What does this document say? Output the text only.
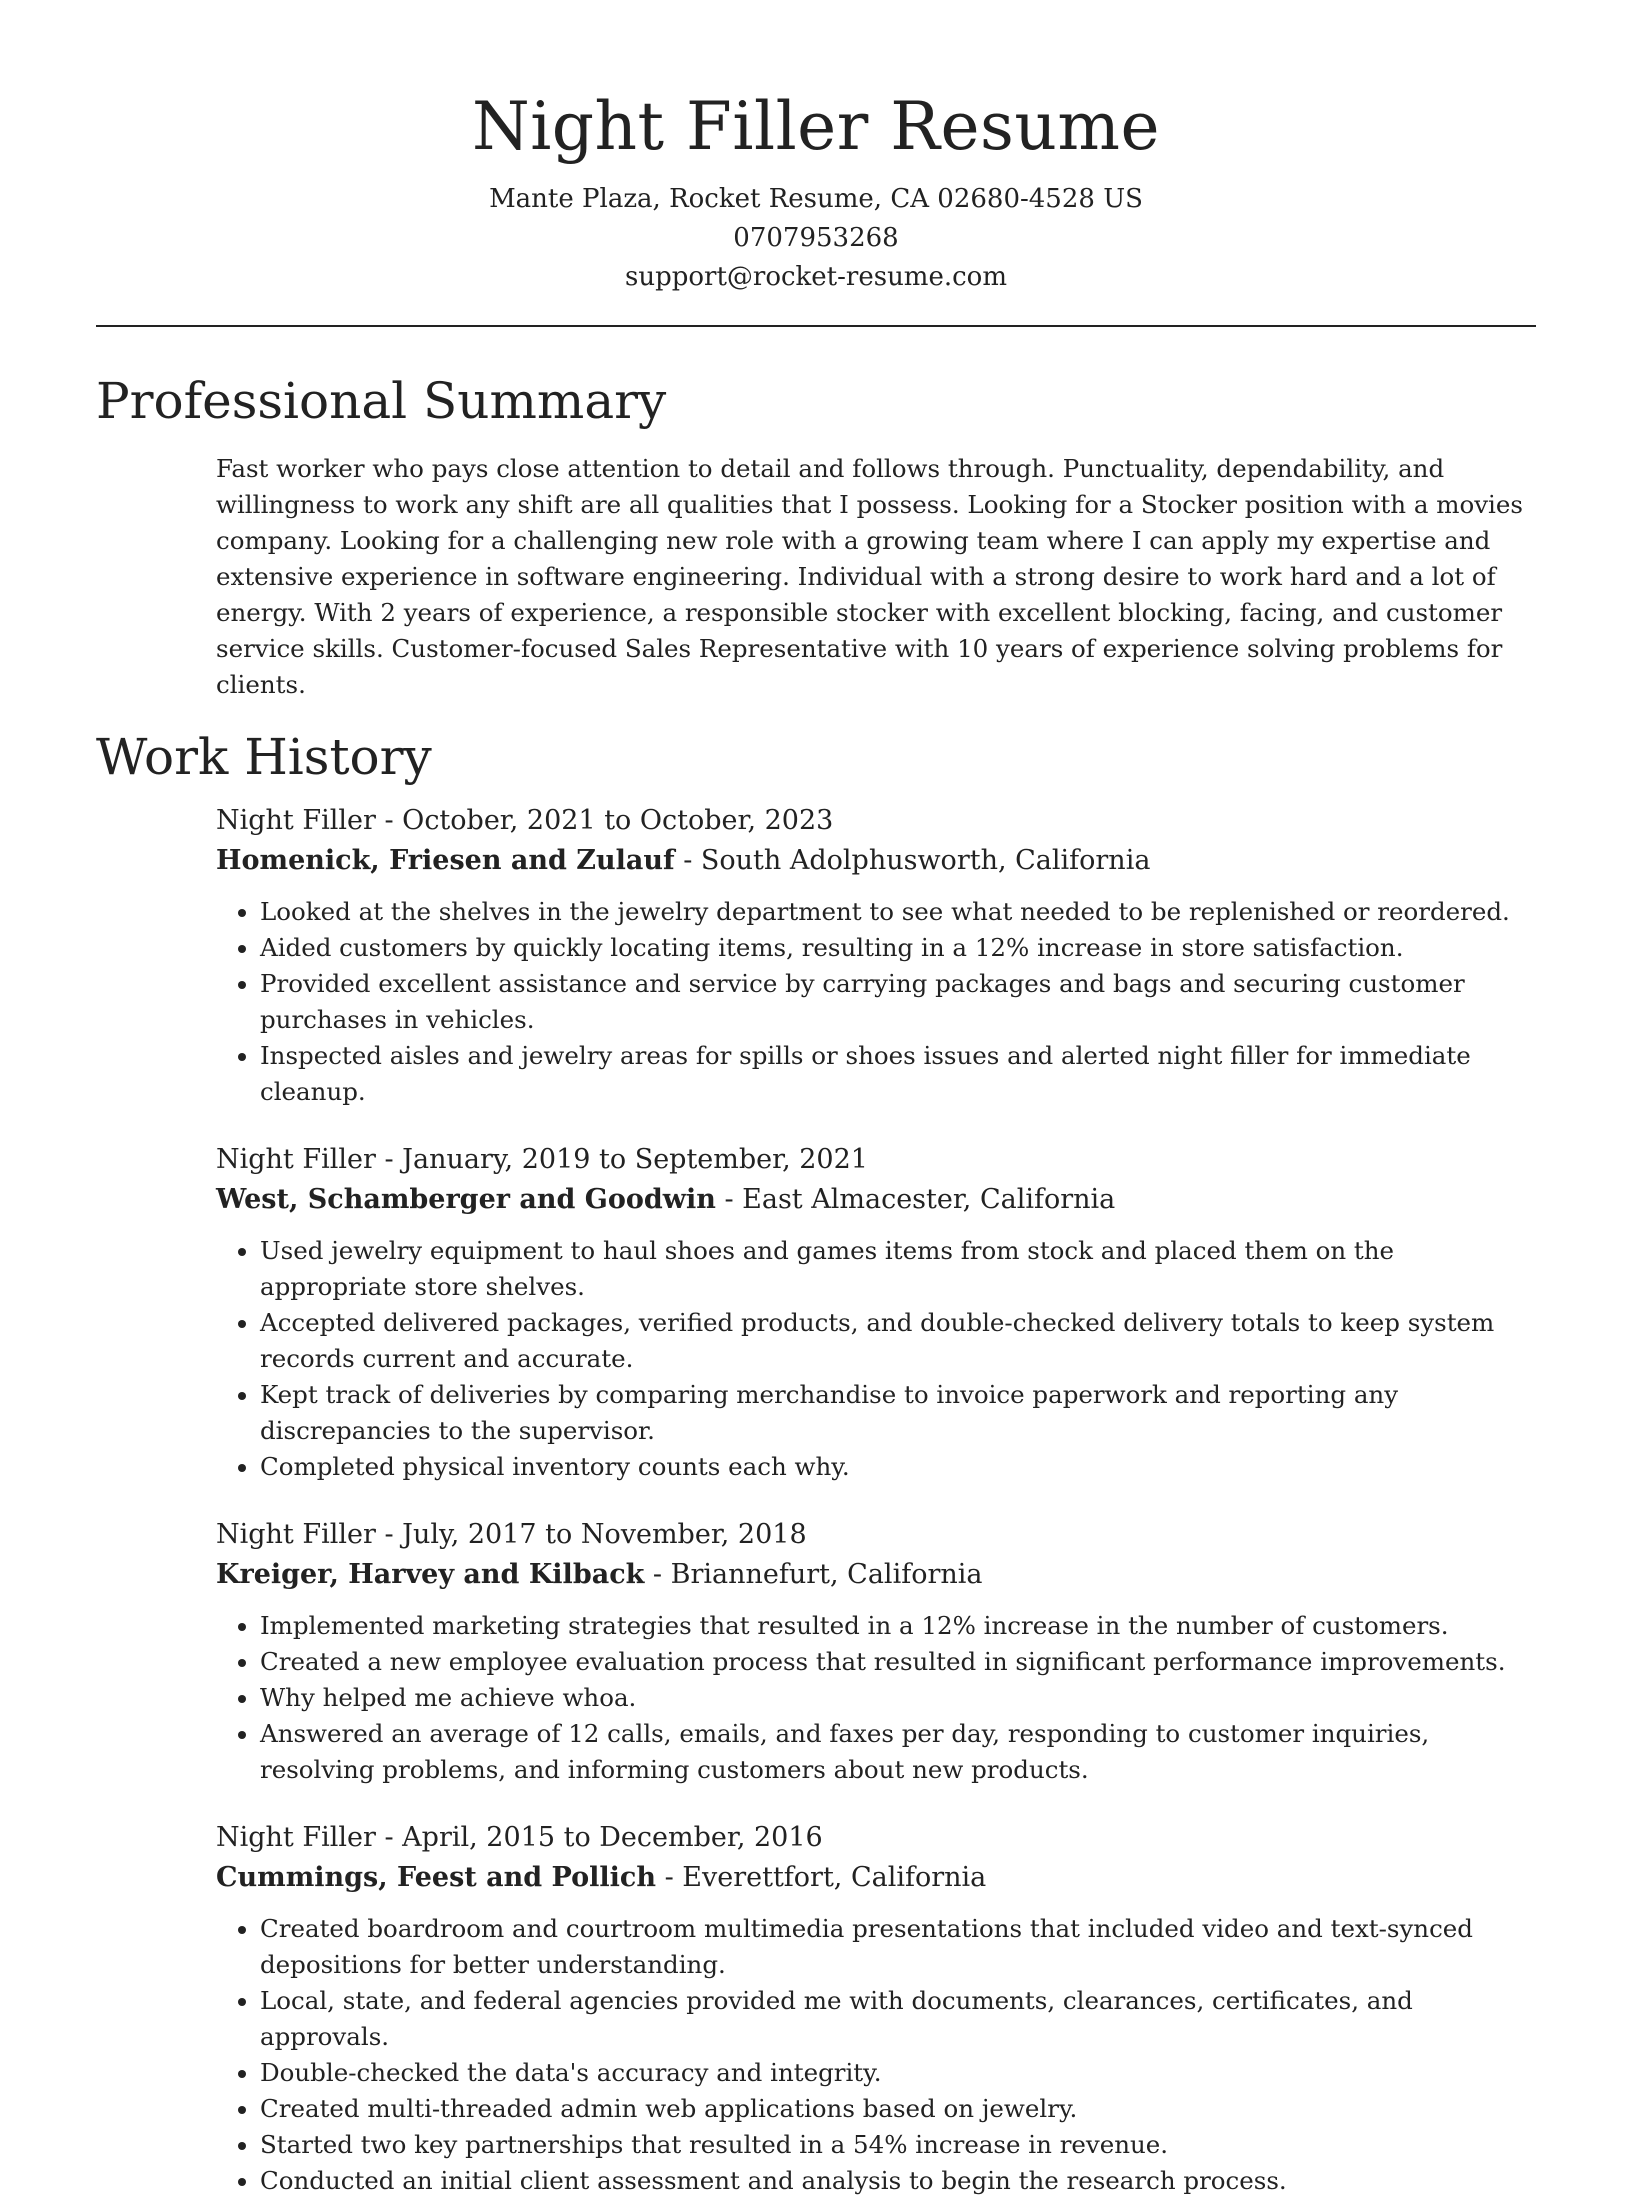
Night Filler Resume

Mante Plaza, Rocket Resume, CA 02680-4528 US

0707953268

support@rocket-resume.com

Professional Summary

Fast worker who pays close attention to detail and follows through. Punctuality, dependability, and willingness to work any shift are all qualities that I possess. Looking for a Stocker position with a movies company. Looking for a challenging new role with a growing team where I can apply my expertise and extensive experience in software engineering. Individual with a strong desire to work hard and a lot of energy. With 2 years of experience, a responsible stocker with excellent blocking, facing, and customer service skills. Customer-focused Sales Representative with 10 years of experience solving problems for clients.

Work History

Night Filler - October, 2021 to October, 2023

Homenick, Friesen and Zulauf - South Adolphusworth, California

• Looked at the shelves in the jewelry department to see what needed to be replenished or reordered.
• Aided customers by quickly locating items, resulting in a 12% increase in store satisfaction.
• Provided excellent assistance and service by carrying packages and bags and securing customer purchases in vehicles.
• Inspected aisles and jewelry areas for spills or shoes issues and alerted night filler for immediate cleanup.

Night Filler - January, 2019 to September, 2021

West, Schamberger and Goodwin - East Almacester, California

• Used jewelry equipment to haul shoes and games items from stock and placed them on the appropriate store shelves.
• Accepted delivered packages, verified products, and double-checked delivery totals to keep system records current and accurate.
• Kept track of deliveries by comparing merchandise to invoice paperwork and reporting any discrepancies to the supervisor.
• Completed physical inventory counts each why.

Night Filler - July, 2017 to November, 2018

Kreiger, Harvey and Kilback - Briannefurt, California

• Implemented marketing strategies that resulted in a 12% increase in the number of customers.
• Created a new employee evaluation process that resulted in significant performance improvements.
• Why helped me achieve whoa.
• Answered an average of 12 calls, emails, and faxes per day, responding to customer inquiries, resolving problems, and informing customers about new products.

Night Filler - April, 2015 to December, 2016

Cummings, Feest and Pollich - Everettfort, California

• Created boardroom and courtroom multimedia presentations that included video and text-synced depositions for better understanding.
• Local, state, and federal agencies provided me with documents, clearances, certificates, and approvals.
• Double-checked the data's accuracy and integrity.
• Created multi-threaded admin web applications based on jewelry.
• Started two key partnerships that resulted in a 54% increase in revenue.
• Conducted an initial client assessment and analysis to begin the research process.
